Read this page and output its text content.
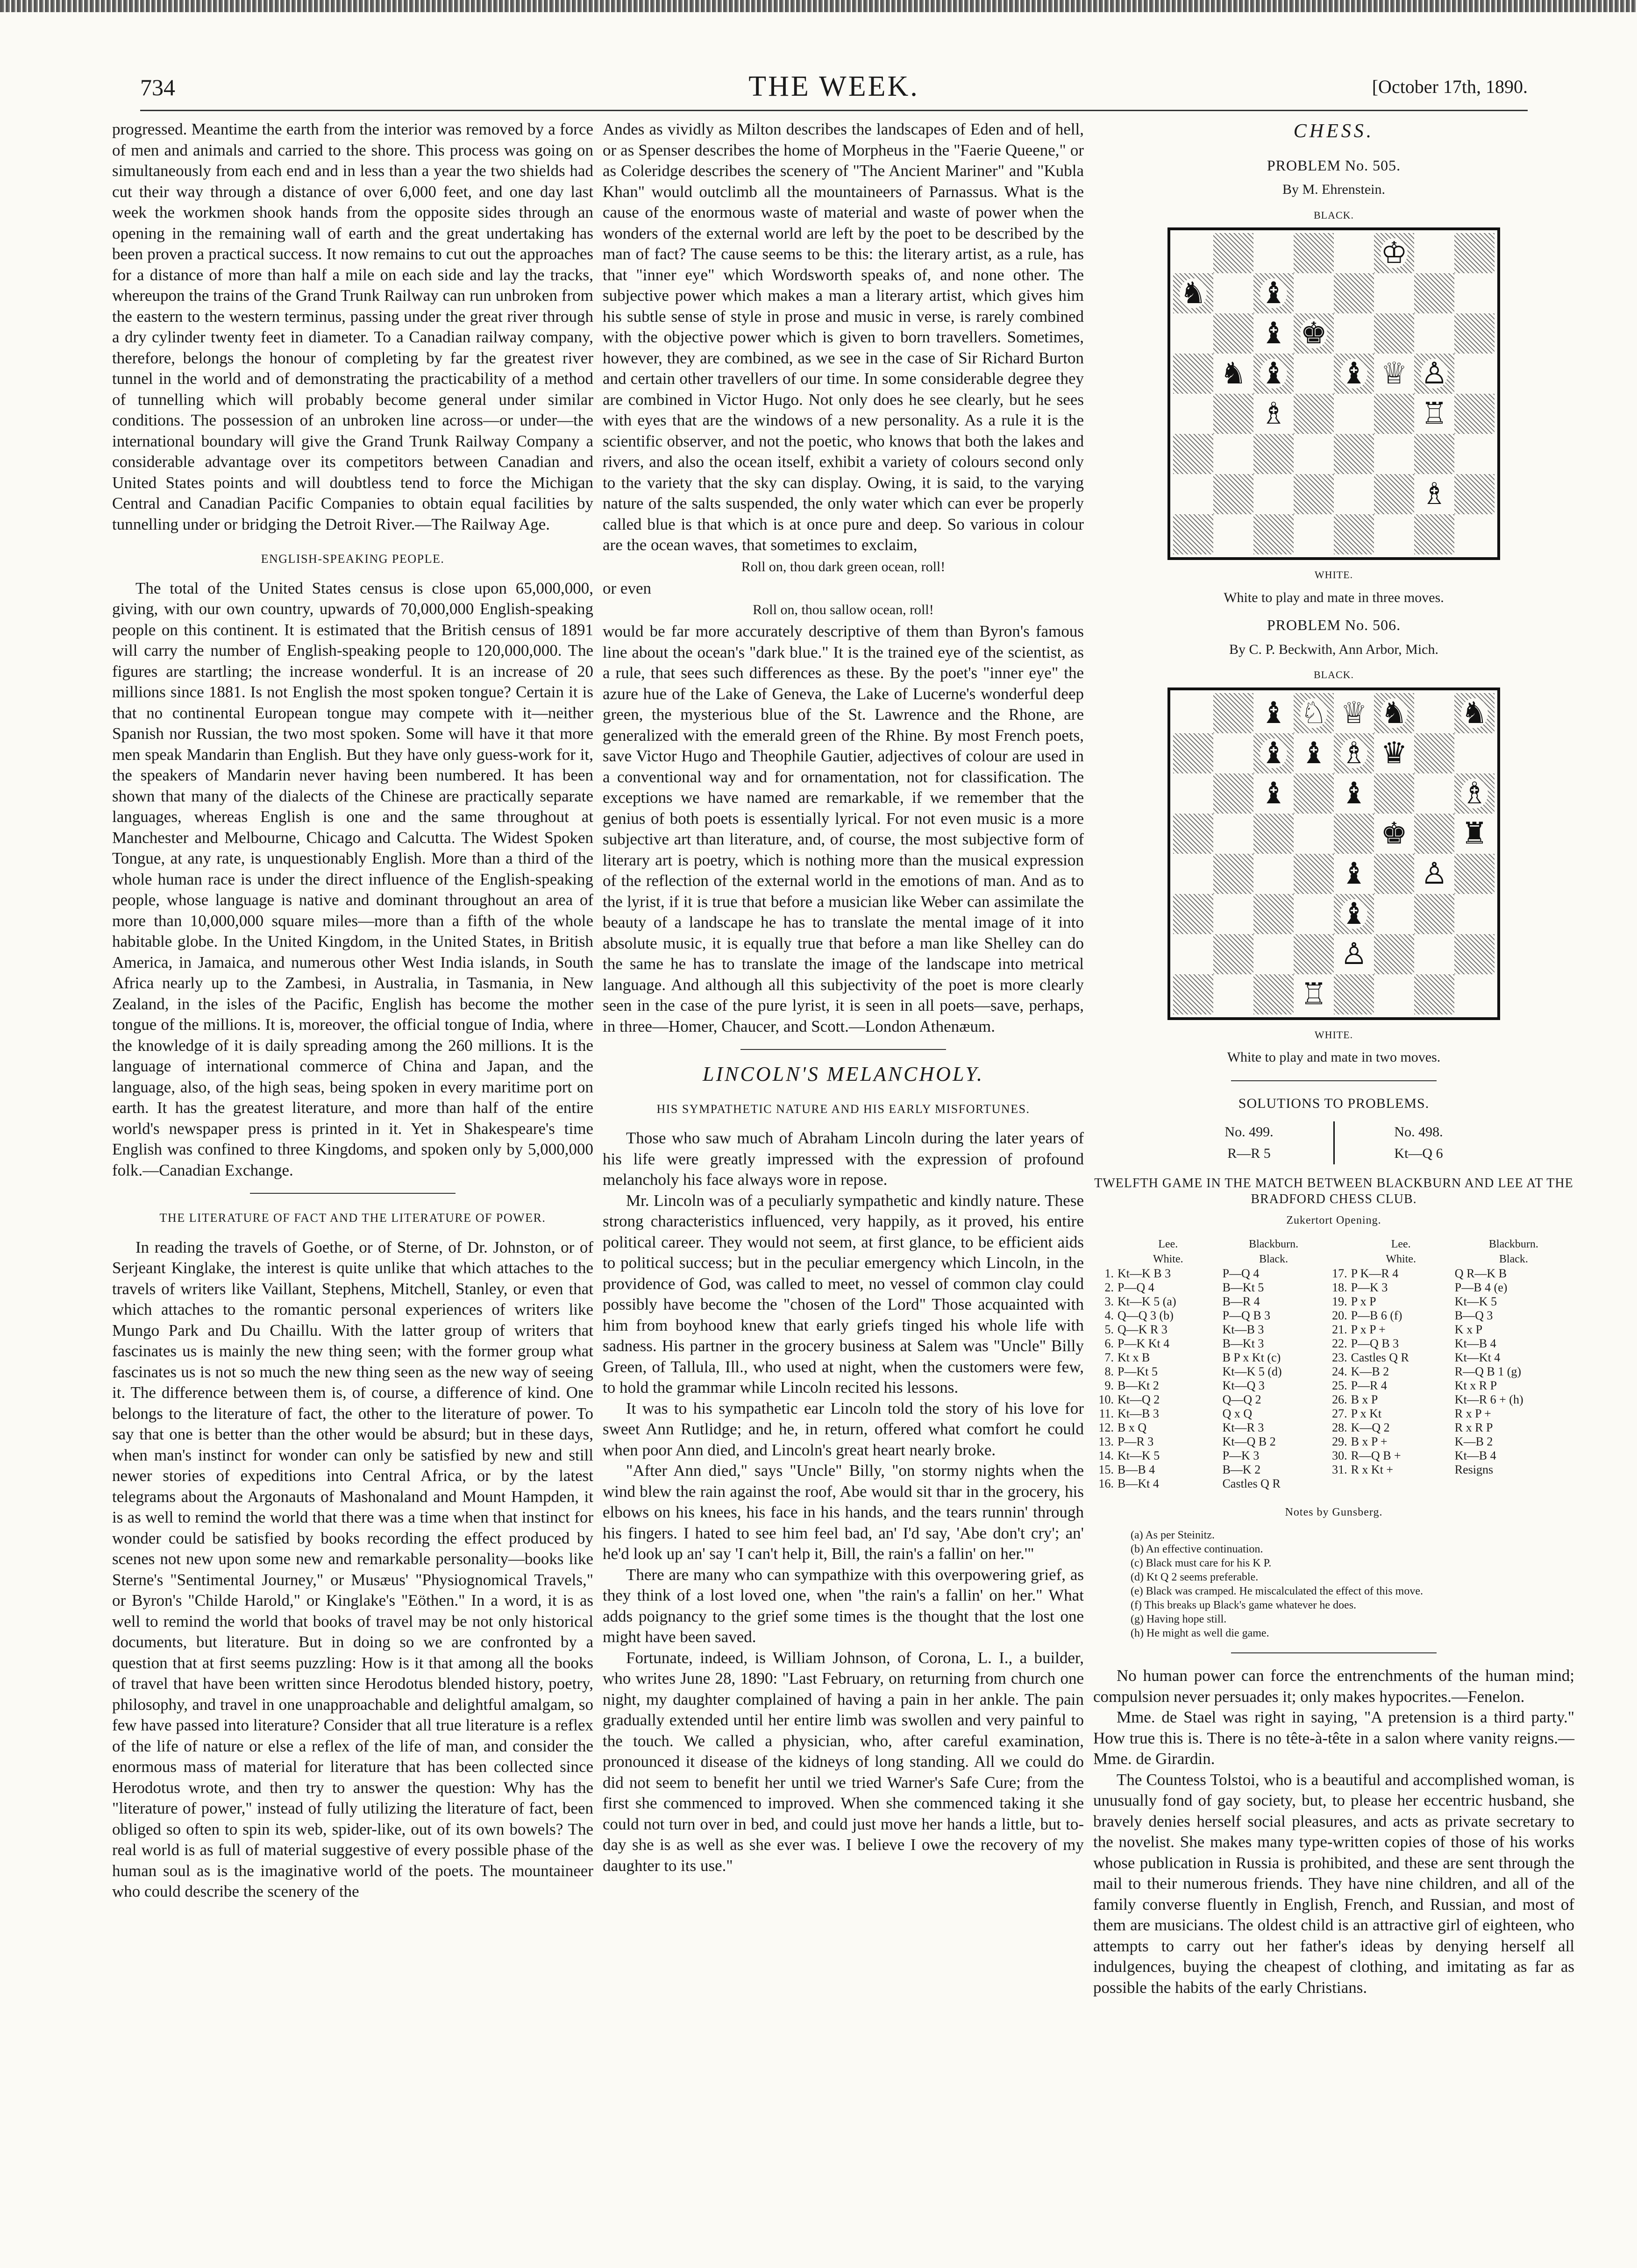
734	THE WEEK.	[October 17th, 1890.

progressed. Meantime the earth from the interior was removed by a force of men and animals and carried to the shore. This process was going on simultaneously from each end and in less than a year the two shields had cut their way through a distance of over 6,000 feet, and one day last week the workmen shook hands from the opposite sides through an opening in the remaining wall of earth and the great undertaking has been proven a practical success. It now remains to cut out the approaches for a distance of more than half a mile on each side and lay the tracks, whereupon the trains of the Grand Trunk Railway can run unbroken from the eastern to the western terminus, passing under the great river through a dry cylinder twenty feet in diameter. To a Canadian railway company, therefore, belongs the honour of completing by far the greatest river tunnel in the world and of demonstrating the practicability of a method of tunnelling which will probably become general under similar conditions. The possession of an unbroken line across—or under—the international boundary will give the Grand Trunk Railway Company a considerable advantage over its competitors between Canadian and United States points and will doubtless tend to force the Michigan Central and Canadian Pacific Companies to obtain equal facilities by tunnelling under or bridging the Detroit River.—The Railway Age.

ENGLISH-SPEAKING PEOPLE.

The total of the United States census is close upon 65,000,000, giving, with our own country, upwards of 70,000,000 English-speaking people on this continent. It is estimated that the British census of 1891 will carry the number of English-speaking people to 120,000,000. The figures are startling; the increase wonderful. It is an increase of 20 millions since 1881. Is not English the most spoken tongue? Certain it is that no continental European tongue may compete with it—neither Spanish nor Russian, the two most spoken. Some will have it that more men speak Mandarin than English. But they have only guess-work for it, the speakers of Mandarin never having been numbered. It has been shown that many of the dialects of the Chinese are practically separate languages, whereas English is one and the same throughout at Manchester and Melbourne, Chicago and Calcutta. The Widest Spoken Tongue, at any rate, is unquestionably English. More than a third of the whole human race is under the direct influence of the English-speaking people, whose language is native and dominant throughout an area of more than 10,000,000 square miles—more than a fifth of the whole habitable globe. In the United Kingdom, in the United States, in British America, in Jamaica, and numerous other West India islands, in South Africa nearly up to the Zambesi, in Australia, in Tasmania, in New Zealand, in the isles of the Pacific, English has become the mother tongue of the millions. It is, moreover, the official tongue of India, where the knowledge of it is daily spreading among the 260 millions. It is the language of international commerce of China and Japan, and the language, also, of the high seas, being spoken in every maritime port on earth. It has the greatest literature, and more than half of the entire world's newspaper press is printed in it. Yet in Shakespeare's time English was confined to three Kingdoms, and spoken only by 5,000,000 folk.—Canadian Exchange.

THE LITERATURE OF FACT AND THE LITERATURE OF POWER.

In reading the travels of Goethe, or of Sterne, of Dr. Johnston, or of Serjeant Kinglake, the interest is quite unlike that which attaches to the travels of writers like Vaillant, Stephens, Mitchell, Stanley, or even that which attaches to the romantic personal experiences of writers like Mungo Park and Du Chaillu. With the latter group of writers that fascinates us is mainly the new thing seen; with the former group what fascinates us is not so much the new thing seen as the new way of seeing it. The difference between them is, of course, a difference of kind. One belongs to the literature of fact, the other to the literature of power. To say that one is better than the other would be absurd; but in these days, when man's instinct for wonder can only be satisfied by new and still newer stories of expeditions into Central Africa, or by the latest telegrams about the Argonauts of Mashonaland and Mount Hampden, it is as well to remind the world that there was a time when that instinct for wonder could be satisfied by books recording the effect produced by scenes not new upon some new and remarkable personality—books like Sterne's "Sentimental Journey," or Musæus' "Physiognomical Travels," or Byron's "Childe Harold," or Kinglake's "Eöthen." In a word, it is as well to remind the world that books of travel may be not only historical documents, but literature. But in doing so we are confronted by a question that at first seems puzzling: How is it that among all the books of travel that have been written since Herodotus blended history, poetry, philosophy, and travel in one unapproachable and delightful amalgam, so few have passed into literature? Consider that all true literature is a reflex of the life of nature or else a reflex of the life of man, and consider the enormous mass of material for literature that has been collected since Herodotus wrote, and then try to answer the question: Why has the "literature of power," instead of fully utilizing the literature of fact, been obliged so often to spin its web, spider-like, out of its own bowels? The real world is as full of material suggestive of every possible phase of the human soul as is the imaginative world of the poets. The mountaineer who could describe the scenery of the

Andes as vividly as Milton describes the landscapes of Eden and of hell, or as Spenser describes the home of Morpheus in the "Faerie Queene," or as Coleridge describes the scenery of "The Ancient Mariner" and "Kubla Khan" would outclimb all the mountaineers of Parnassus. What is the cause of the enormous waste of material and waste of power when the wonders of the external world are left by the poet to be described by the man of fact? The cause seems to be this: the literary artist, as a rule, has that "inner eye" which Wordsworth speaks of, and none other. The subjective power which makes a man a literary artist, which gives him his subtle sense of style in prose and music in verse, is rarely combined with the objective power which is given to born travellers. Sometimes, however, they are combined, as we see in the case of Sir Richard Burton and certain other travellers of our time. In some considerable degree they are combined in Victor Hugo. Not only does he see clearly, but he sees with eyes that are the windows of a new personality. As a rule it is the scientific observer, and not the poetic, who knows that both the lakes and rivers, and also the ocean itself, exhibit a variety of colours second only to the variety that the sky can display. Owing, it is said, to the varying nature of the salts suspended, the only water which can ever be properly called blue is that which is at once pure and deep. So various in colour are the ocean waves, that sometimes to exclaim,

Roll on, thou dark green ocean, roll!

or even

Roll on, thou sallow ocean, roll!

would be far more accurately descriptive of them than Byron's famous line about the ocean's "dark blue." It is the trained eye of the scientist, as a rule, that sees such differences as these. By the poet's "inner eye" the azure hue of the Lake of Geneva, the Lake of Lucerne's wonderful deep green, the mysterious blue of the St. Lawrence and the Rhone, are generalized with the emerald green of the Rhine. By most French poets, save Victor Hugo and Theophile Gautier, adjectives of colour are used in a conventional way and for ornamentation, not for classification. The exceptions we have named are remarkable, if we remember that the genius of both poets is essentially lyrical. For not even music is a more subjective art than literature, and, of course, the most subjective form of literary art is poetry, which is nothing more than the musical expression of the reflection of the external world in the emotions of man. And as to the lyrist, if it is true that before a musician like Weber can assimilate the beauty of a landscape he has to translate the mental image of it into absolute music, it is equally true that before a man like Shelley can do the same he has to translate the image of the landscape into metrical language. And although all this subjectivity of the poet is more clearly seen in the case of the pure lyrist, it is seen in all poets—save, perhaps, in three—Homer, Chaucer, and Scott.—London Athenæum.

LINCOLN'S MELANCHOLY.
HIS SYMPATHETIC NATURE AND HIS EARLY MISFORTUNES.

Those who saw much of Abraham Lincoln during the later years of his life were greatly impressed with the expression of profound melancholy his face always wore in repose.

Mr. Lincoln was of a peculiarly sympathetic and kindly nature. These strong characteristics influenced, very happily, as it proved, his entire political career. They would not seem, at first glance, to be efficient aids to political success; but in the peculiar emergency which Lincoln, in the providence of God, was called to meet, no vessel of common clay could possibly have become the "chosen of the Lord" Those acquainted with him from boyhood knew that early griefs tinged his whole life with sadness. His partner in the grocery business at Salem was "Uncle" Billy Green, of Tallula, Ill., who used at night, when the customers were few, to hold the grammar while Lincoln recited his lessons.

It was to his sympathetic ear Lincoln told the story of his love for sweet Ann Rutlidge; and he, in return, offered what comfort he could when poor Ann died, and Lincoln's great heart nearly broke.

"After Ann died," says "Uncle" Billy, "on stormy nights when the wind blew the rain against the roof, Abe would sit thar in the grocery, his elbows on his knees, his face in his hands, and the tears runnin' through his fingers. I hated to see him feel bad, an' I'd say, 'Abe don't cry'; an' he'd look up an' say 'I can't help it, Bill, the rain's a fallin' on her.'"

There are many who can sympathize with this overpowering grief, as they think of a lost loved one, when "the rain's a fallin' on her." What adds poignancy to the grief some times is the thought that the lost one might have been saved.

Fortunate, indeed, is William Johnson, of Corona, L. I., a builder, who writes June 28, 1890: "Last February, on returning from church one night, my daughter complained of having a pain in her ankle. The pain gradually extended until her entire limb was swollen and very painful to the touch. We called a physician, who, after careful examination, pronounced it disease of the kidneys of long standing. All we could do did not seem to benefit her until we tried Warner's Safe Cure; from the first she commenced to improved. When she commenced taking it she could not turn over in bed, and could just move her hands a little, but to-day she is as well as she ever was. I believe I owe the recovery of my daughter to its use."

CHESS.
PROBLEM No. 505.
By M. Ehrenstein.
BLACK.
♔
♞ ♝
♝ ♚
♞ ♝ ♝ ♕ ♙
♗	♖
♗
WHITE.
White to play and mate in three moves.
PROBLEM No. 506.
By C. P. Beckwith, Ann Arbor, Mich.
BLACK.
♝ ♘ ♕ ♞ ♞
♝ ♝ ♗ ♛
♝ ♝	♗
♚ ♜
♝ ♙
♝
♙
♖
WHITE.
White to play and mate in two moves.
SOLUTIONS TO PROBLEMS.
No. 499.
R—R 5
No. 498.
Kt—Q 6
TWELFTH GAME IN THE MATCH BETWEEN BLACKBURN AND LEE AT THE BRADFORD CHESS CLUB.
Zukertort Opening.
	Lee.	Blackburn.		Lee.	Blackburn.
	White.	Black.		White.	Black.
1.	Kt—K B 3	P—Q 4	17.	P K—R 4	Q R—K B
2.	P—Q 4	B—Kt 5	18.	P—K 3	P—B 4 (e)
3.	Kt—K 5 (a)	B—R 4	19.	P x P	Kt—K 5
4.	Q—Q 3 (b)	P—Q B 3	20.	P—B 6 (f)	B—Q 3
5.	Q—K R 3	Kt—B 3	21.	P x P +	K x P
6.	P—K Kt 4	B—Kt 3	22.	P—Q B 3	Kt—B 4
7.	Kt x B	B P x Kt (c)	23.	Castles Q R	Kt—Kt 4
8.	P—Kt 5	Kt—K 5 (d)	24.	K—B 2	R—Q B 1 (g)
9.	B—Kt 2	Kt—Q 3	25.	P—R 4	Kt x R P
10.	Kt—Q 2	Q—Q 2	26.	B x P	Kt—R 6 + (h)
11.	Kt—B 3	Q x Q	27.	P x Kt	R x P +
12.	B x Q	Kt—R 3	28.	K—Q 2	R x R P
13.	P—R 3	Kt—Q B 2	29.	B x P +	K—B 2
14.	Kt—K 5	P—K 3	30.	R—Q B +	Kt—B 4
15.	B—B 4	B—K 2	31.	R x Kt +	Resigns
16.	B—Kt 4	Castles Q R			
Notes by Gunsberg.
(a) As per Steinitz.
(b) An effective continuation.
(c) Black must care for his K P.
(d) Kt Q 2 seems preferable.
(e) Black was cramped. He miscalculated the effect of this move.
(f) This breaks up Black's game whatever he does.
(g) Having hope still.
(h) He might as well die game.

No human power can force the entrenchments of the human mind; compulsion never persuades it; only makes hypocrites.—Fenelon.

Mme. de Stael was right in saying, "A pretension is a third party." How true this is. There is no tête-à-tête in a salon where vanity reigns.—Mme. de Girardin.

The Countess Tolstoi, who is a beautiful and accomplished woman, is unusually fond of gay society, but, to please her eccentric husband, she bravely denies herself social pleasures, and acts as private secretary to the novelist. She makes many type-written copies of those of his works whose publication in Russia is prohibited, and these are sent through the mail to their numerous friends. They have nine children, and all of the family converse fluently in English, French, and Russian, and most of them are musicians. The oldest child is an attractive girl of eighteen, who attempts to carry out her father's ideas by denying herself all indulgences, buying the cheapest of clothing, and imitating as far as possible the habits of the early Christians.
